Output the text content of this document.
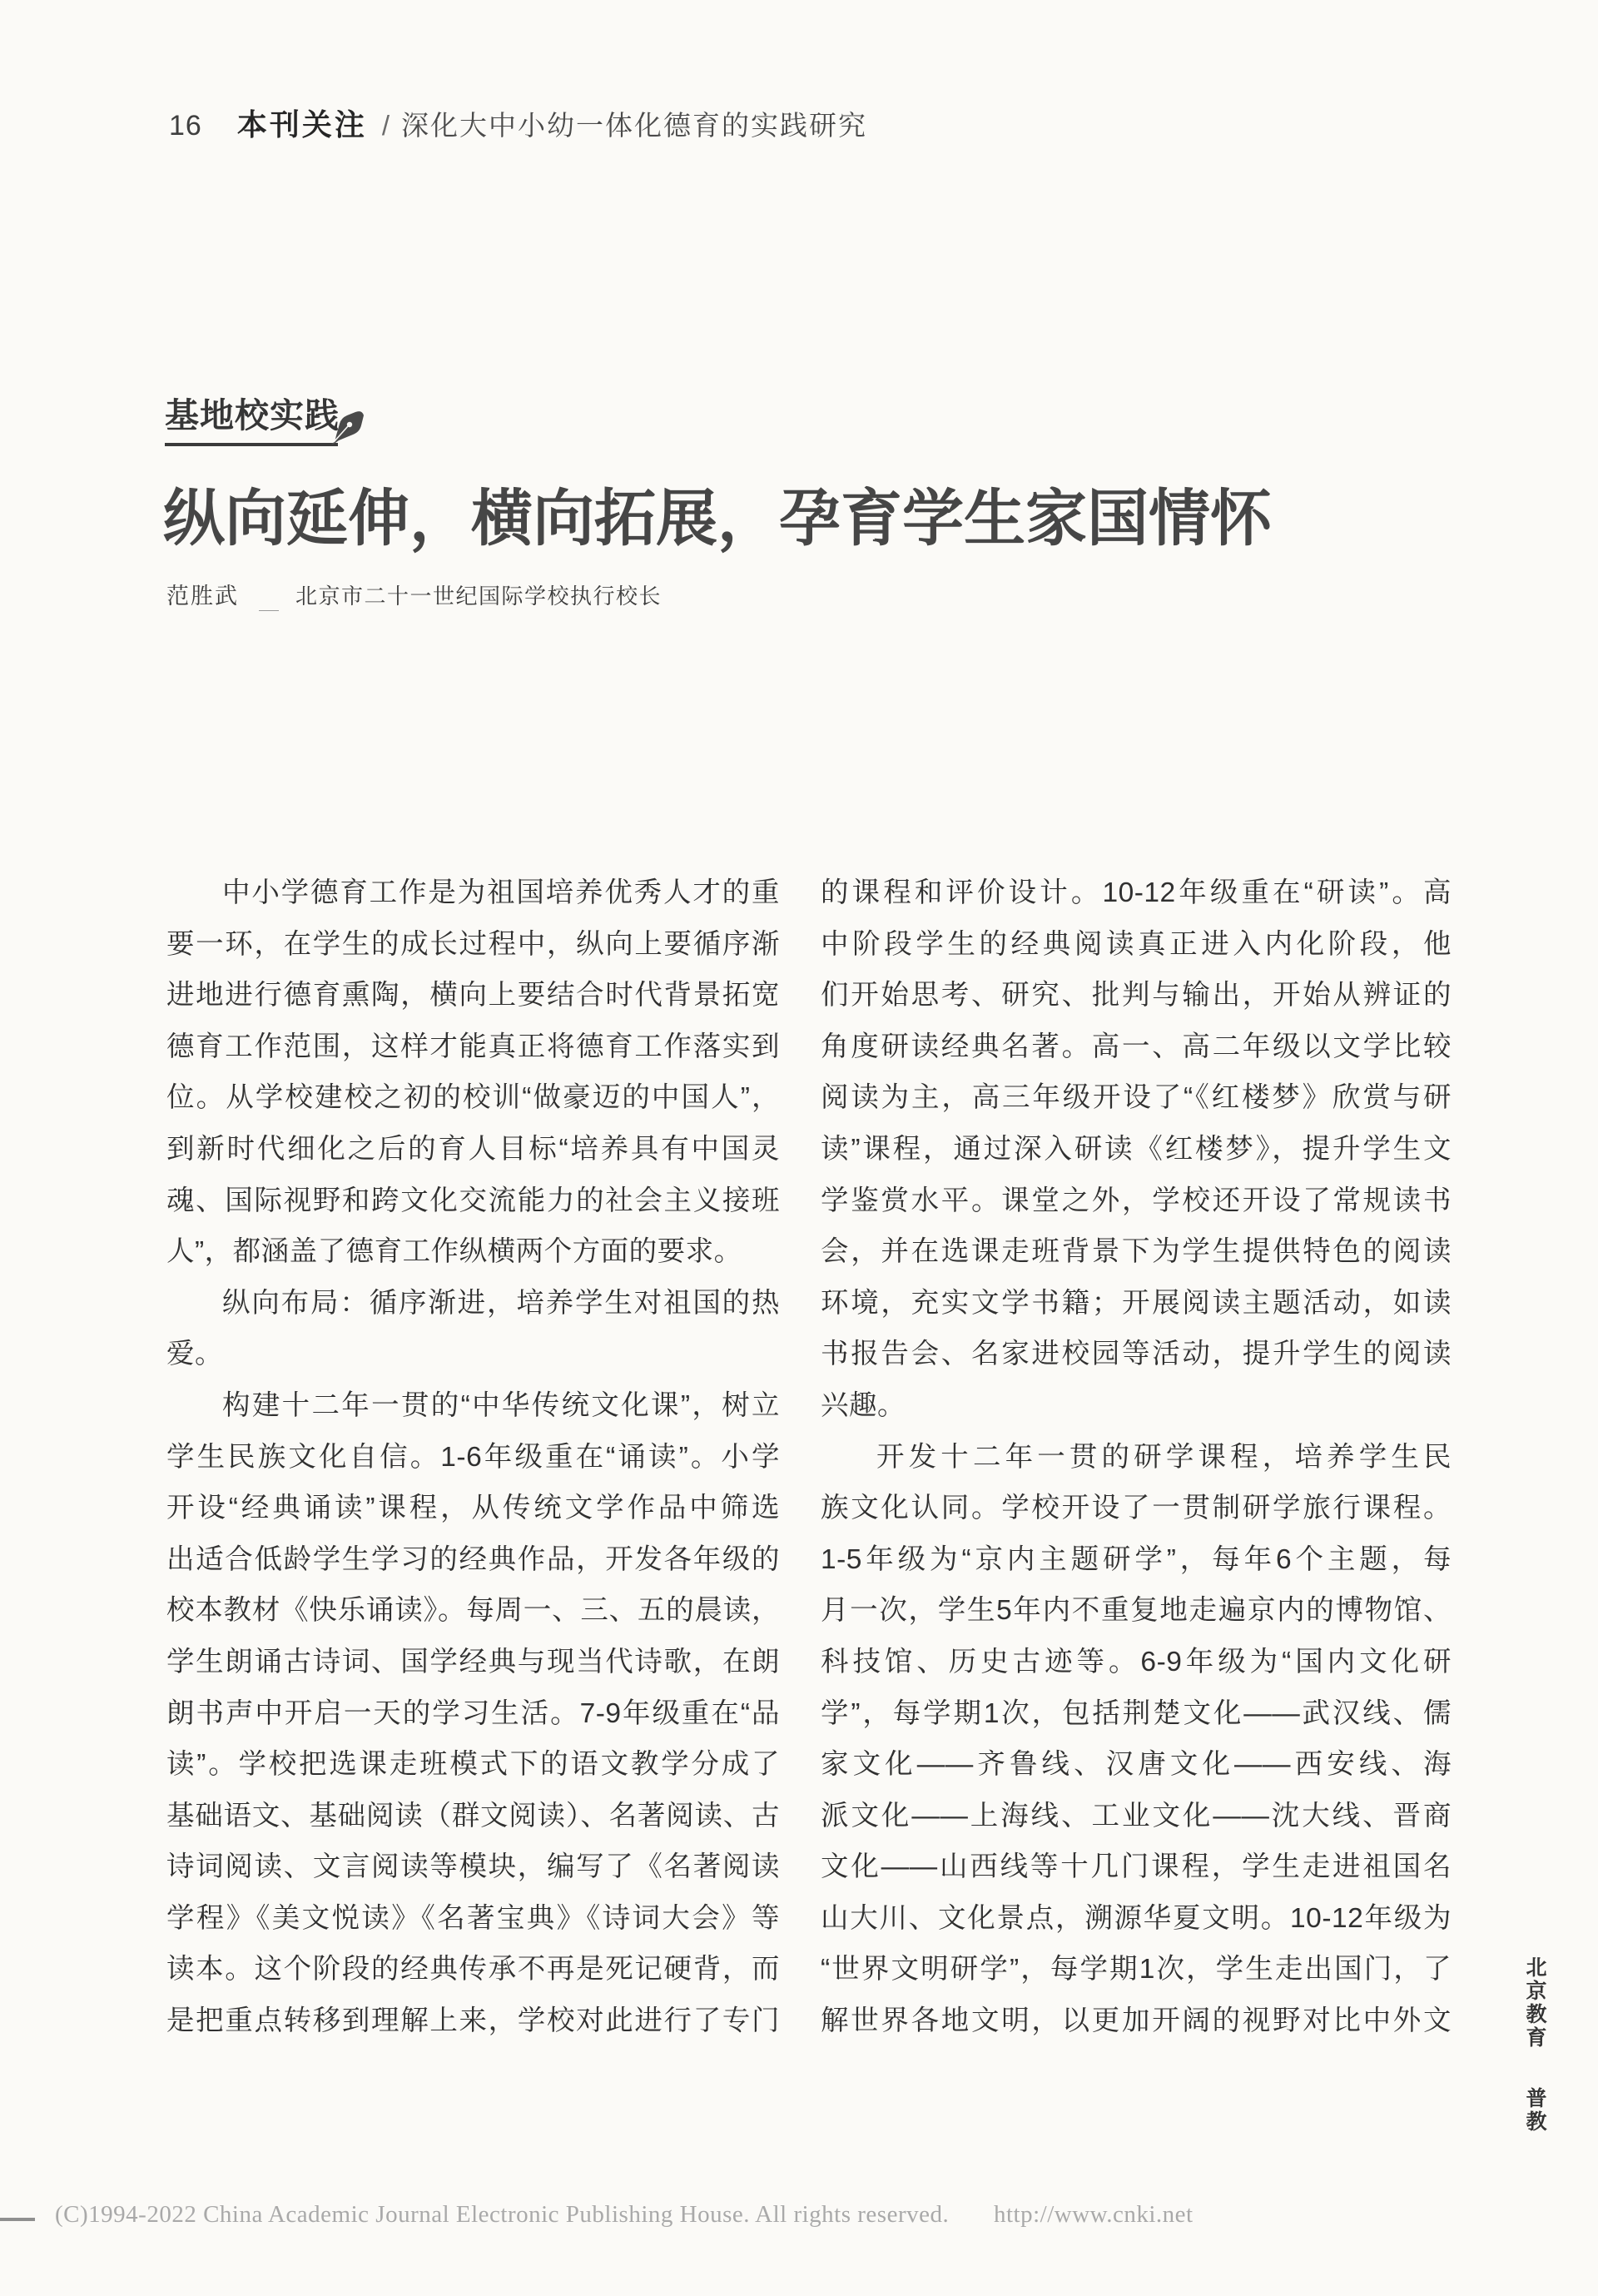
16 本刊关注 / 深化大中小幼一体化德育的实践研究
基地校实践
纵向延伸，横向拓展，孕育学生家国情怀
范胜武 ＿ 北京市二十一世纪国际学校执行校长
中小学德育工作是为祖国培养优秀人才的重
要一环，在学生的成长过程中，纵向上要循序渐
进地进行德育熏陶，横向上要结合时代背景拓宽
德育工作范围，这样才能真正将德育工作落实到
位。从学校建校之初的校训“做豪迈的中国人”，
到新时代细化之后的育人目标“培养具有中国灵
魂、国际视野和跨文化交流能力的社会主义接班
人”，都涵盖了德育工作纵横两个方面的要求。
纵向布局：循序渐进，培养学生对祖国的热
爱。
构建十二年一贯的“中华传统文化课”，树立
学生民族文化自信。1-6年级重在“诵读”。小学
开设“经典诵读”课程，从传统文学作品中筛选
出适合低龄学生学习的经典作品，开发各年级的
校本教材《快乐诵读》。每周一、三、五的晨读，
学生朗诵古诗词、国学经典与现当代诗歌，在朗
朗书声中开启一天的学习生活。7-9年级重在“品
读”。学校把选课走班模式下的语文教学分成了
基础语文、基础阅读（群文阅读）、名著阅读、古
诗词阅读、文言阅读等模块，编写了《名著阅读
学程》《美文悦读》《名著宝典》《诗词大会》等
读本。这个阶段的经典传承不再是死记硬背，而
是把重点转移到理解上来，学校对此进行了专门
的课程和评价设计。10-12年级重在“研读”。高
中阶段学生的经典阅读真正进入内化阶段，他
们开始思考、研究、批判与输出，开始从辨证的
角度研读经典名著。高一、高二年级以文学比较
阅读为主，高三年级开设了“《红楼梦》欣赏与研
读”课程，通过深入研读《红楼梦》，提升学生文
学鉴赏水平。课堂之外，学校还开设了常规读书
会，并在选课走班背景下为学生提供特色的阅读
环境，充实文学书籍；开展阅读主题活动，如读
书报告会、名家进校园等活动，提升学生的阅读
兴趣。
开发十二年一贯的研学课程，培养学生民
族文化认同。学校开设了一贯制研学旅行课程。
1-5年级为“京内主题研学”，每年6个主题，每
月一次，学生5年内不重复地走遍京内的博物馆、
科技馆、历史古迹等。6-9年级为“国内文化研
学”，每学期1次，包括荆楚文化——武汉线、儒
家文化——齐鲁线、汉唐文化——西安线、海
派文化——上海线、工业文化——沈大线、晋商
文化——山西线等十几门课程，学生走进祖国名
山大川、文化景点，溯源华夏文明。10-12年级为
“世界文明研学”，每学期1次，学生走出国门，了
解世界各地文明，以更加开阔的视野对比中外文	北京教育 普教
(C)1994-2022 China Academic Journal Electronic Publishing House. All rights reserved. http://www.cnki.net
